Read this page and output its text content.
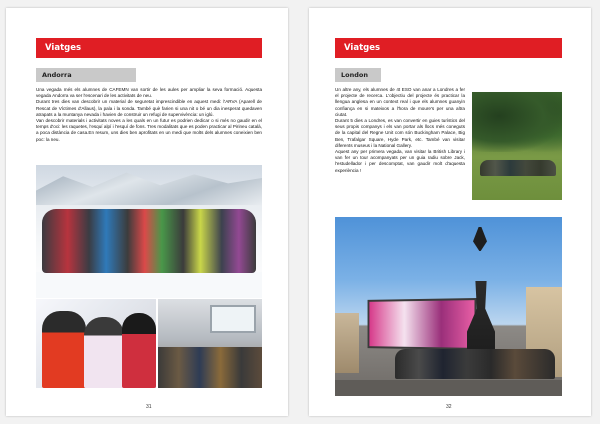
Viatges
Andorra

Una vegada més els alumnes de CAFEMN van sortir de les aules per ampliar la seva formació. Aquesta vegada Andorra va ser l'escenari de les activitats de neu.

Durant tres dies van descobrir un material de seguretat imprescindible en aquest medi: l'ARVA (Aparell de Rescat de Víctimes d'Allaus), la pala i la sonda. També què farien si una nit o bé un dia inesperat quedaven atrapats a la muntanya nevada i havien de construir un refugi de supervivència: un iglú.

Van descobrir materials i activitats noves a les quals en un futur es podrien dedicar o si més no gaudir en el temps d'oci: les raquetes, l'esquí alpí i l'esquí de fons. Tres modalitats que es poden practicar al Pirineu català, a poca distància de casa.En resum, uns dies ben aprofitats en un medi que molts dels alumnes coneixien ben poc: la neu.

31
Viatges
London

Un altre any, els alumnes de 4t ESO van anar a Londres a fer el projecte de recerca. L'objectiu del projecte és practicar la llengua anglesa en un context real i que els alumnes guanyin confiança en si mateixos a l'hora de moure's per una altra ciutat.

Durant 5 dies a Londres, es van convertir en guies turístics del seus propis companys i els van portar als llocs més coneguts de la capital del Regne Unit com són Buckingham Palace, Big Ben, Trafalgar Square, Hyde Park, etc. També van visitar diferents museus i la National Gallery.

Aquest any per primera vegada, van visitar la British Library i van fer un tour acompanyats per un guia radiu sobre Jack, l'estudellador i per descomptat, van gaudir molt d'aquesta experiència !

32
